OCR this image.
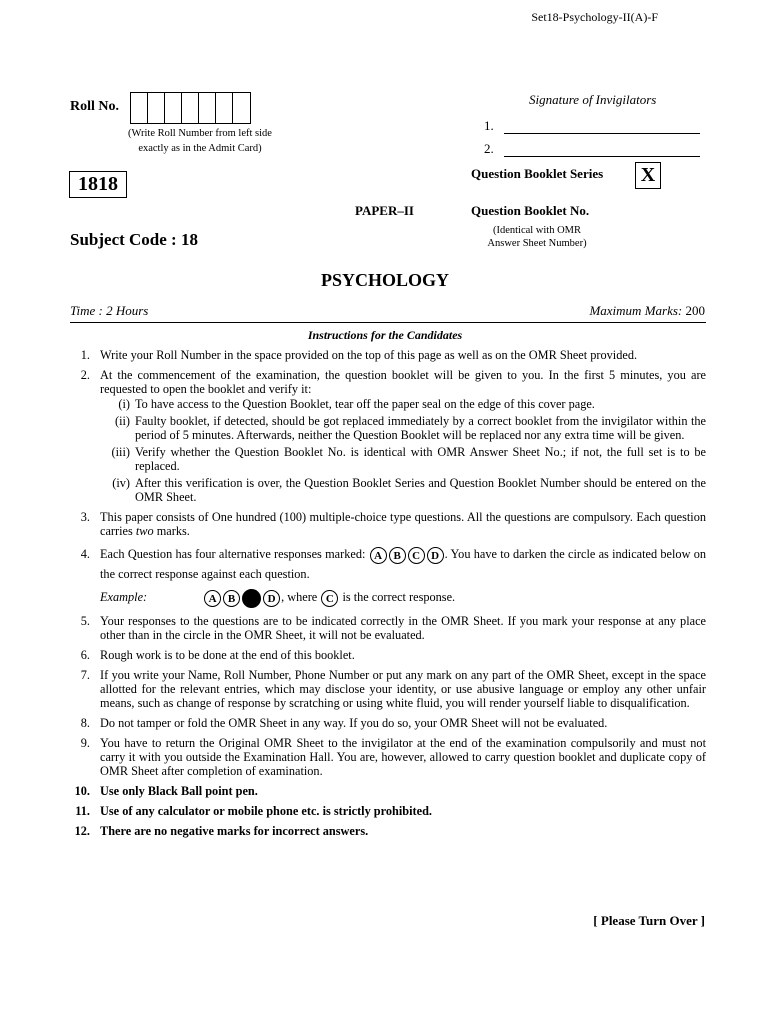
Set18-Psychology-II(A)-F
Roll No.
(Write Roll Number from left side
exactly as in the Admit Card)
Signature of Invigilators
1.
2.
1818	Question Booklet Series X
PAPER–II	Question Booklet No.
(Identical with OMR
Answer Sheet Number)
Subject Code : 18
PSYCHOLOGY
Time : 2 Hours	Maximum Marks: 200
Instructions for the Candidates
1. Write your Roll Number in the space provided on the top of this page as well as on the OMR Sheet provided.
2. At the commencement of the examination, the question booklet will be given to you. In the first 5 minutes, you are requested to open the booklet and verify it:
(i) To have access to the Question Booklet, tear off the paper seal on the edge of this cover page.
(ii) Faulty booklet, if detected, should be got replaced immediately by a correct booklet from the invigilator within the period of 5 minutes. Afterwards, neither the Question Booklet will be replaced nor any extra time will be given.
(iii) Verify whether the Question Booklet No. is identical with OMR Answer Sheet No.; if not, the full set is to be replaced.
(iv) After this verification is over, the Question Booklet Series and Question Booklet Number should be entered on the OMR Sheet.
3. This paper consists of One hundred (100) multiple-choice type questions. All the questions are compulsory. Each question carries two marks.
4. Each Question has four alternative responses marked: A B C D . You have to darken the circle as indicated below on the correct response against each question.
Example:	A B	D , where C is the correct response.
5. Your responses to the questions are to be indicated correctly in the OMR Sheet. If you mark your response at any place other than in the circle in the OMR Sheet, it will not be evaluated.
6. Rough work is to be done at the end of this booklet.
7. If you write your Name, Roll Number, Phone Number or put any mark on any part of the OMR Sheet, except in the space allotted for the relevant entries, which may disclose your identity, or use abusive language or employ any other unfair means, such as change of response by scratching or using white fluid, you will render yourself liable to disqualification.
8. Do not tamper or fold the OMR Sheet in any way. If you do so, your OMR Sheet will not be evaluated.
9. You have to return the Original OMR Sheet to the invigilator at the end of the examination compulsorily and must not carry it with you outside the Examination Hall. You are, however, allowed to carry question booklet and duplicate copy of OMR Sheet after completion of examination.
10. Use only Black Ball point pen.
11. Use of any calculator or mobile phone etc. is strictly prohibited.
12. There are no negative marks for incorrect answers.
[ Please Turn Over ]
